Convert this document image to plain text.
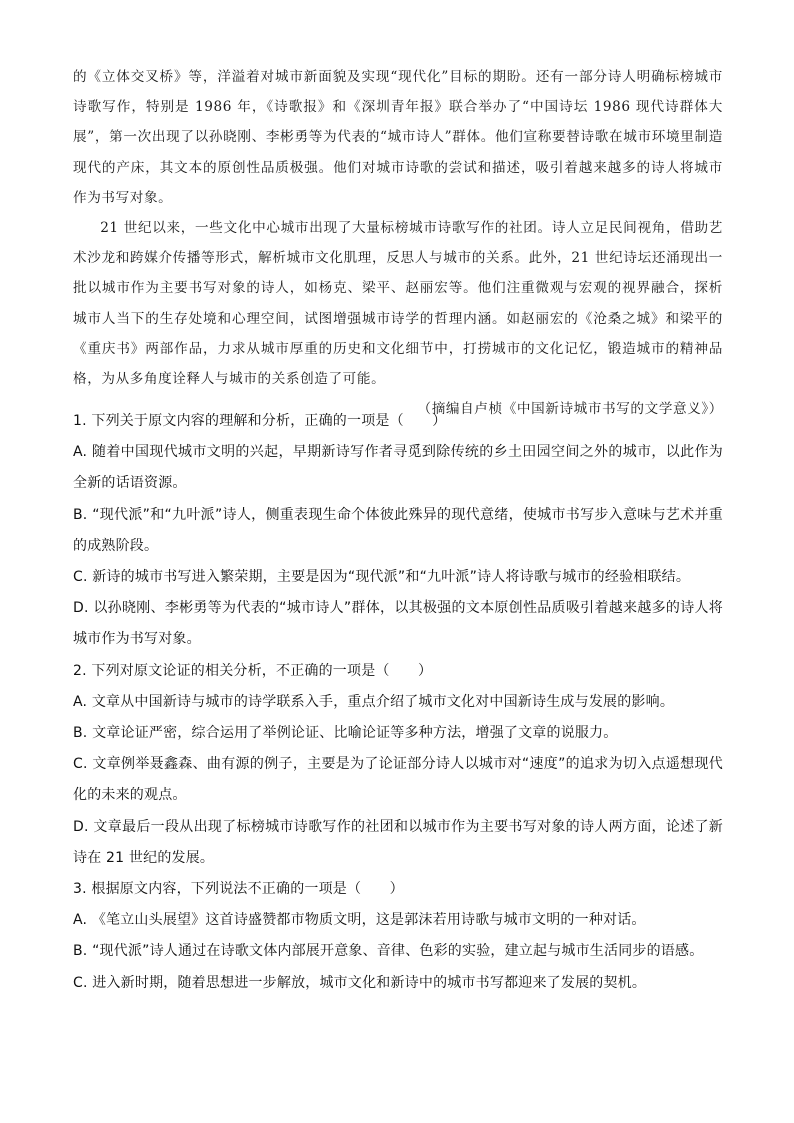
的《立体交叉桥》等，洋溢着对城市新面貌及实现“现代化”目标的期盼。还有一部分诗人明确标榜城市诗歌写作，特别是 1986 年，《诗歌报》和《深圳青年报》联合举办了“中国诗坛 1986 现代诗群体大展”，第一次出现了以孙晓刚、李彬勇等为代表的“城市诗人”群体。他们宣称要替诗歌在城市环境里制造现代的产床，其文本的原创性品质极强。他们对城市诗歌的尝试和描述，吸引着越来越多的诗人将城市作为书写对象。

21 世纪以来，一些文化中心城市出现了大量标榜城市诗歌写作的社团。诗人立足民间视角，借助艺术沙龙和跨媒介传播等形式，解析城市文化肌理，反思人与城市的关系。此外，21 世纪诗坛还涌现出一批以城市作为主要书写对象的诗人，如杨克、梁平、赵丽宏等。他们注重微观与宏观的视界融合，探析城市人当下的生存处境和心理空间，试图增强城市诗学的哲理内涵。如赵丽宏的《沧桑之城》和梁平的《重庆书》两部作品，力求从城市厚重的历史和文化细节中，打捞城市的文化记忆，锻造城市的精神品格，为从多角度诠释人与城市的关系创造了可能。

（摘编自卢桢《中国新诗城市书写的文学意义》）

1. 下列关于原文内容的理解和分析，正确的一项是（　　）

A. 随着中国现代城市文明的兴起，早期新诗写作者寻觅到除传统的乡土田园空间之外的城市，以此作为全新的话语资源。

B. “现代派”和“九叶派”诗人，侧重表现生命个体彼此殊异的现代意绪，使城市书写步入意味与艺术并重的成熟阶段。

C. 新诗的城市书写进入繁荣期，主要是因为“现代派”和“九叶派”诗人将诗歌与城市的经验相联结。

D. 以孙晓刚、李彬勇等为代表的“城市诗人”群体，以其极强的文本原创性品质吸引着越来越多的诗人将城市作为书写对象。

2. 下列对原文论证的相关分析，不正确的一项是（　　）

A. 文章从中国新诗与城市的诗学联系入手，重点介绍了城市文化对中国新诗生成与发展的影响。

B. 文章论证严密，综合运用了举例论证、比喻论证等多种方法，增强了文章的说服力。

C. 文章例举聂鑫森、曲有源的例子，主要是为了论证部分诗人以城市对“速度”的追求为切入点遥想现代化的未来的观点。

D. 文章最后一段从出现了标榜城市诗歌写作的社团和以城市作为主要书写对象的诗人两方面，论述了新诗在 21 世纪的发展。

3. 根据原文内容，下列说法不正确的一项是（　　）

A. 《笔立山头展望》这首诗盛赞都市物质文明，这是郭沫若用诗歌与城市文明的一种对话。

B. “现代派”诗人通过在诗歌文体内部展开意象、音律、色彩的实验，建立起与城市生活同步的语感。

C. 进入新时期，随着思想进一步解放，城市文化和新诗中的城市书写都迎来了发展的契机。
